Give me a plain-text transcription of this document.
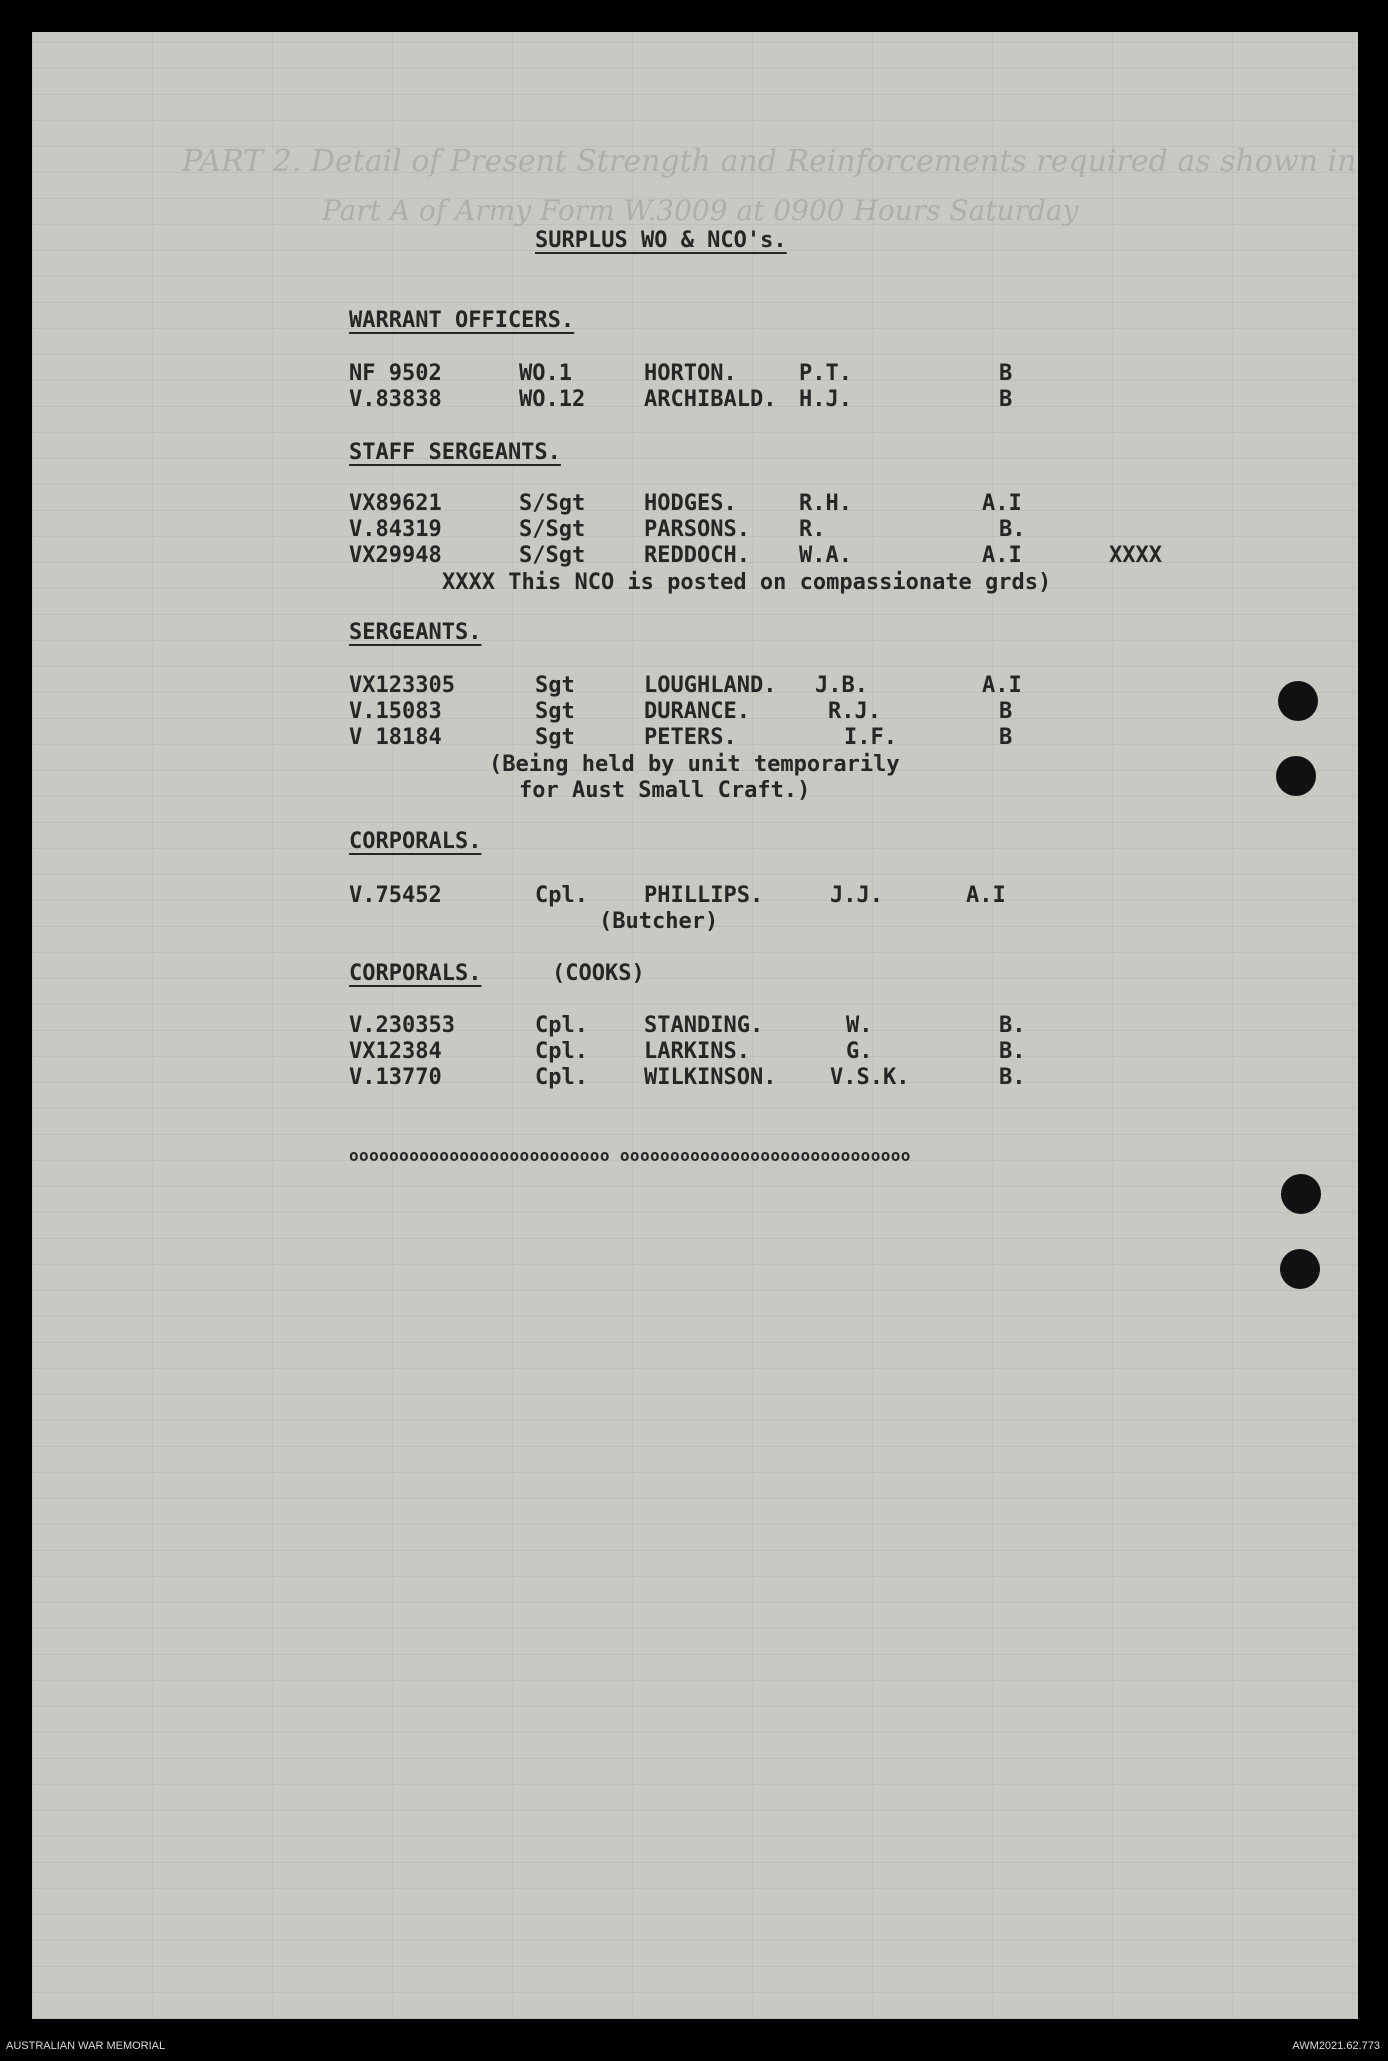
PART 2. Detail of Present Strength and Reinforcements required as shown in
Part A of Army Form W.3009 at 0900 Hours Saturday
SURPLUS WO & NCO's.
WARRANT OFFICERS.
NF 9502	WO.1	HORTON.	P.T.	B
V.83838	WO.12	ARCHIBALD. H.J.	B
STAFF SERGEANTS.
VX89621	S/Sgt	HODGES.	R.H.	A.I
V.84319	S/Sgt	PARSONS. R.	B.
VX29948	S/Sgt	REDDOCH. W.A.	A.I	XXXX
XXXX This NCO is posted on compassionate grds)
SERGEANTS.
VX123305	Sgt	LOUGHLAND. J.B.	A.I
V.15083	Sgt	DURANCE.	R.J.	B
V 18184	Sgt	PETERS.	I.F.	B
(Being held by unit temporarily
for Aust Small Craft.)
CORPORALS.
V.75452	Cpl.	PHILLIPS.	J.J.	A.I
(Butcher)
CORPORALS.	(COOKS)
V.230353	Cpl.	STANDING.	W.	B.
VX12384	Cpl.	LARKINS.	G.	B.
V.13770	Cpl.	WILKINSON. V.S.K.	B.
oooooooooooooooooooooooooo ooooooooooooooooooooooooooooo
AUSTRALIAN WAR MEMORIAL	AWM2021.62.773
